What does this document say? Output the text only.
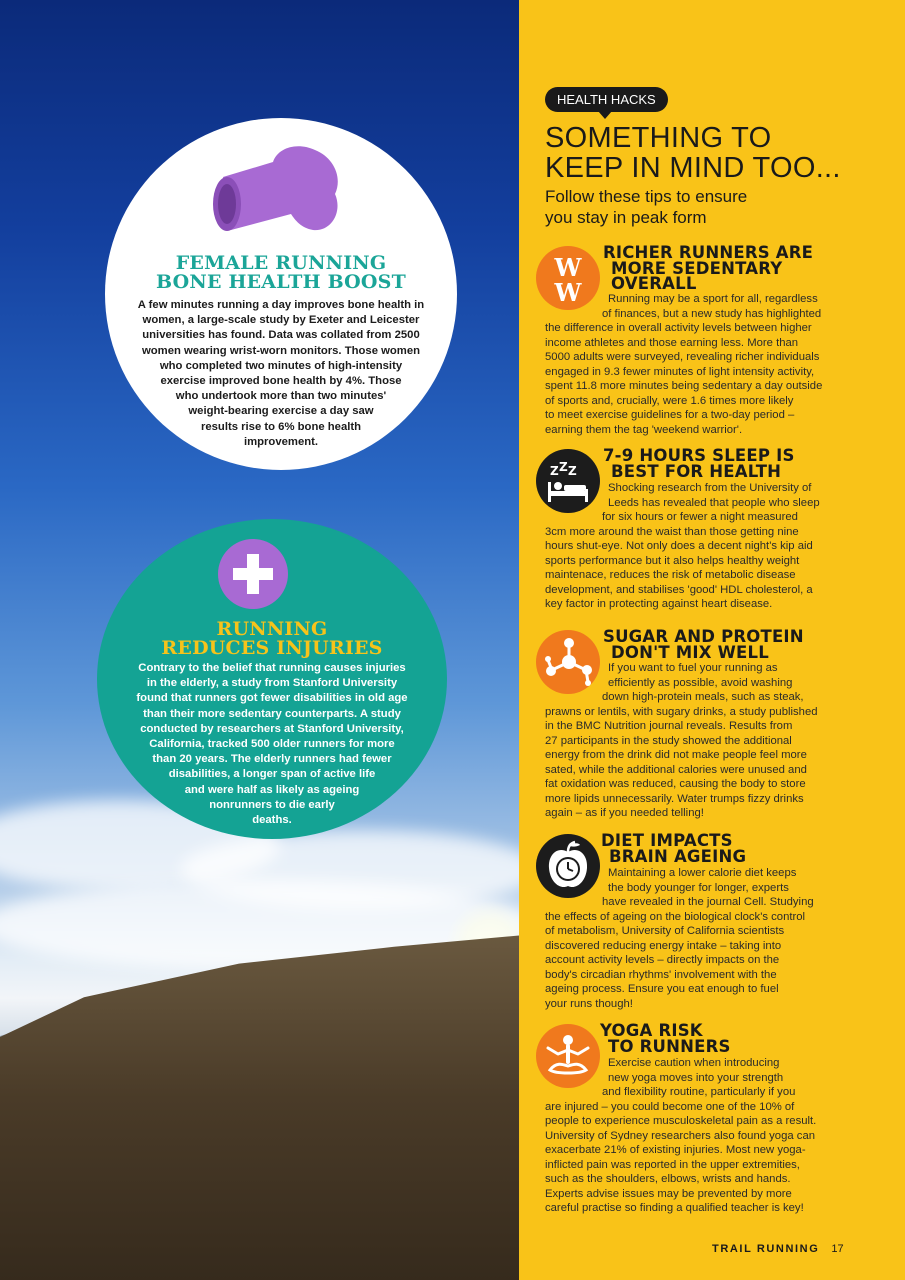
FEMALE RUNNING
BONE HEALTH BOOST

A few minutes running a day improves bone health in
women, a large-scale study by Exeter and Leicester
universities has found. Data was collated from 2500
women wearing wrist-worn monitors. Those women
who completed two minutes of high-intensity
exercise improved bone health by 4%. Those
who undertook more than two minutes'
weight-bearing exercise a day saw
results rise to 6% bone health
improvement.

RUNNING
REDUCES INJURIES

Contrary to the belief that running causes injuries
in the elderly, a study from Stanford University
found that runners got fewer disabilities in old age
than their more sedentary counterparts. A study
conducted by researchers at Stanford University,
California, tracked 500 older runners for more
than 20 years. The elderly runners had fewer
disabilities, a longer span of active life
and were half as likely as ageing
nonrunners to die early
deaths.

HEALTH HACKS
SOMETHING TO
KEEP IN MIND TOO...

Follow these tips to ensure
you stay in peak form

W
W
RICHER RUNNERS ARE
MORE SEDENTARY
OVERALL
Running may be a sport for all, regardless
of finances, but a new study has highlighted
the difference in overall activity levels between higher
income athletes and those earning less. More than
5000 adults were surveyed, revealing richer individuals
engaged in 9.3 fewer minutes of light intensity activity,
spent 11.8 more minutes being sedentary a day outside
of sports and, crucially, were 1.6 times more likely
to meet exercise guidelines for a two-day period –
earning them the tag 'weekend warrior'.
Z Z Z
7-9 HOURS SLEEP IS
BEST FOR HEALTH
Shocking research from the University of
Leeds has revealed that people who sleep
for six hours or fewer a night measured
3cm more around the waist than those getting nine
hours shut-eye. Not only does a decent night's kip aid
sports performance but it also helps healthy weight
maintenace, reduces the risk of metabolic disease
development, and stabilises 'good' HDL cholesterol, a
key factor in protecting against heart disease.
SUGAR AND PROTEIN
DON'T MIX WELL
If you want to fuel your running as
efficiently as possible, avoid washing
down high-protein meals, such as steak,
prawns or lentils, with sugary drinks, a study published
in the BMC Nutrition journal reveals. Results from
27 participants in the study showed the additional
energy from the drink did not make people feel more
sated, while the additional calories were unused and
fat oxidation was reduced, causing the body to store
more lipids unnecessarily. Water trumps fizzy drinks
again – as if you needed telling!
DIET IMPACTS
BRAIN AGEING
Maintaining a lower calorie diet keeps
the body younger for longer, experts
have revealed in the journal Cell. Studying
the effects of ageing on the biological clock's control
of metabolism, University of California scientists
discovered reducing energy intake – taking into
account activity levels – directly impacts on the
body's circadian rhythms' involvement with the
ageing process. Ensure you eat enough to fuel
your runs though!
YOGA RISK
TO RUNNERS
Exercise caution when introducing
new yoga moves into your strength
and flexibility routine, particularly if you
are injured – you could become one of the 10% of
people to experience musculoskeletal pain as a result.
University of Sydney researchers also found yoga can
exacerbate 21% of existing injuries. Most new yoga-
inflicted pain was reported in the upper extremities,
such as the shoulders, elbows, wrists and hands.
Experts advise issues may be prevented by more
careful practise so finding a qualified teacher is key!
TRAIL RUNNING 17
